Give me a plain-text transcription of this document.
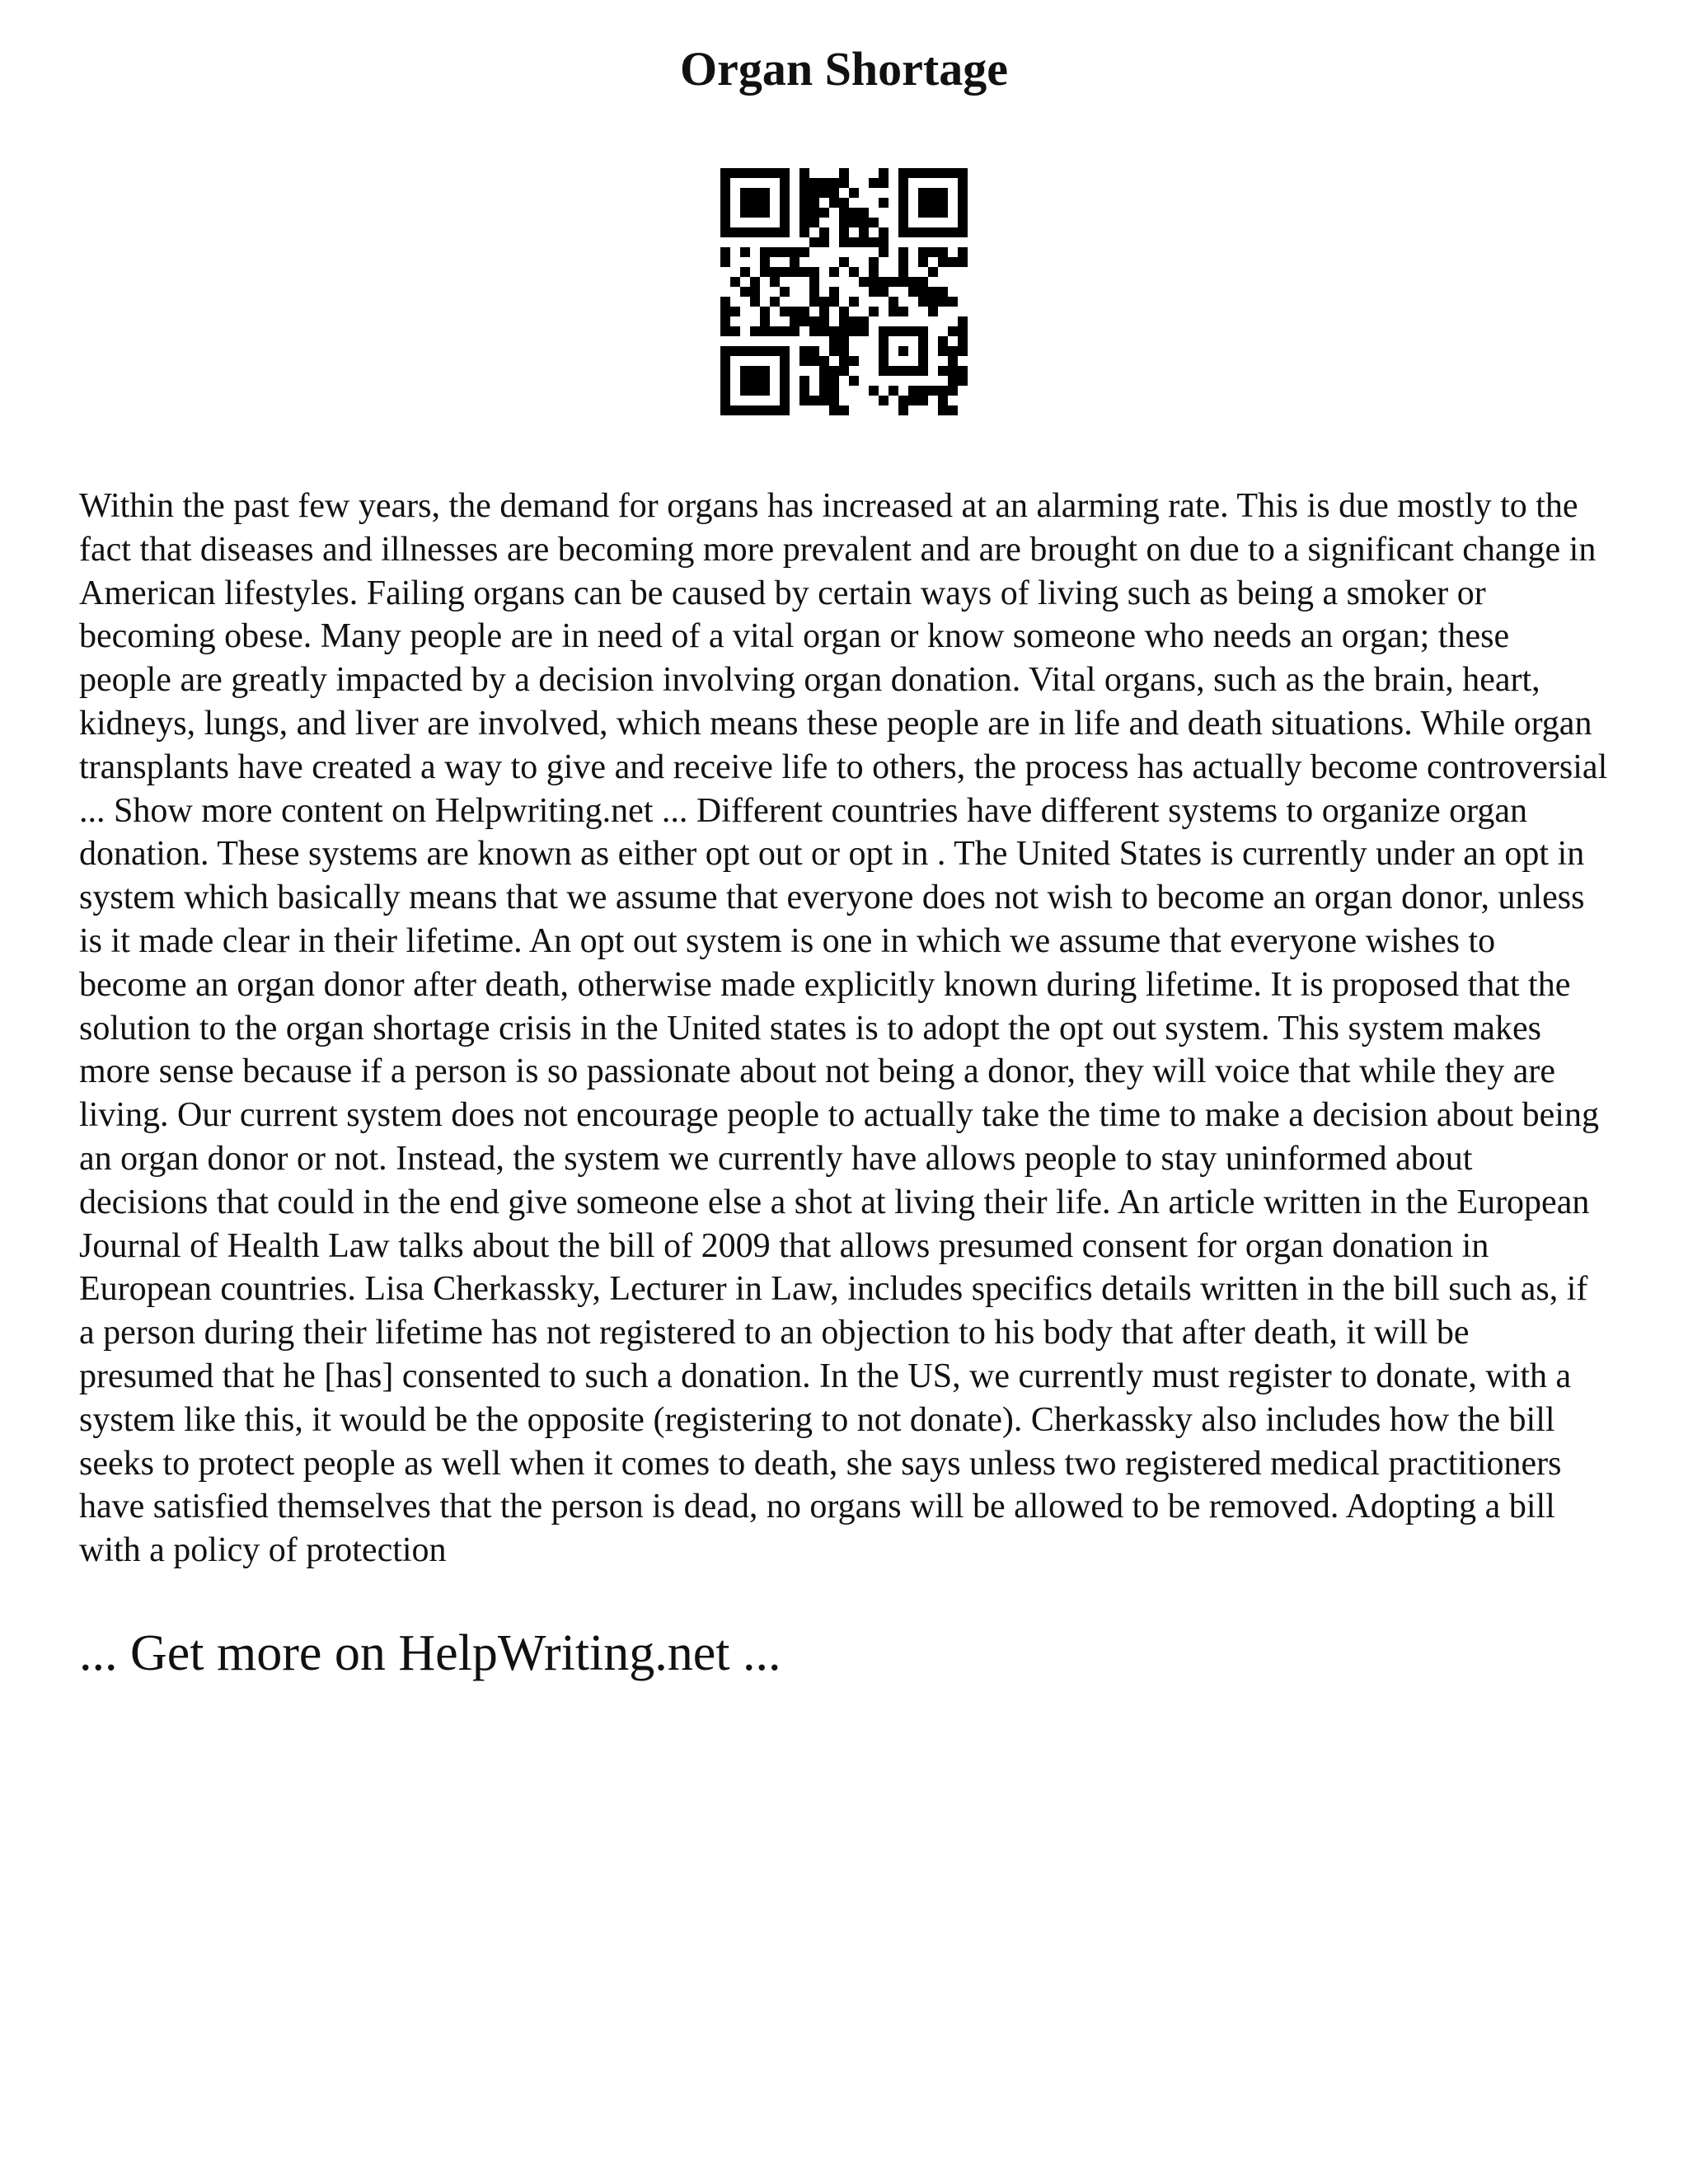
Organ Shortage

Within the past few years, the demand for organs has increased at an alarming rate. This is due mostly to the fact that diseases and illnesses are becoming more prevalent and are brought on due to a significant change in American lifestyles. Failing organs can be caused by certain ways of living such as being a smoker or becoming obese. Many people are in need of a vital organ or know someone who needs an organ; these people are greatly impacted by a decision involving organ donation. Vital organs, such as the brain, heart, kidneys, lungs, and liver are involved, which means these people are in life and death situations. While organ transplants have created a way to give and receive life to others, the process has actually become controversial ... Show more content on Helpwriting.net ... Different countries have different systems to organize organ donation. These systems are known as either opt out or opt in . The United States is currently under an opt in system which basically means that we assume that everyone does not wish to become an organ donor, unless is it made clear in their lifetime. An opt out system is one in which we assume that everyone wishes to become an organ donor after death, otherwise made explicitly known during lifetime. It is proposed that the solution to the organ shortage crisis in the United states is to adopt the opt out system. This system makes more sense because if a person is so passionate about not being a donor, they will voice that while they are living. Our current system does not encourage people to actually take the time to make a decision about being an organ donor or not. Instead, the system we currently have allows people to stay uninformed about decisions that could in the end give someone else a shot at living their life. An article written in the European Journal of Health Law talks about the bill of 2009 that allows presumed consent for organ donation in European countries. Lisa Cherkassky, Lecturer in Law, includes specifics details written in the bill such as, if a person during their lifetime has not registered to an objection to his body that after death, it will be presumed that he [has] consented to such a donation. In the US, we currently must register to donate, with a system like this, it would be the opposite (registering to not donate). Cherkassky also includes how the bill seeks to protect people as well when it comes to death, she says unless two registered medical practitioners have satisfied themselves that the person is dead, no organs will be allowed to be removed. Adopting a bill with a policy of protection

... Get more on HelpWriting.net ...
